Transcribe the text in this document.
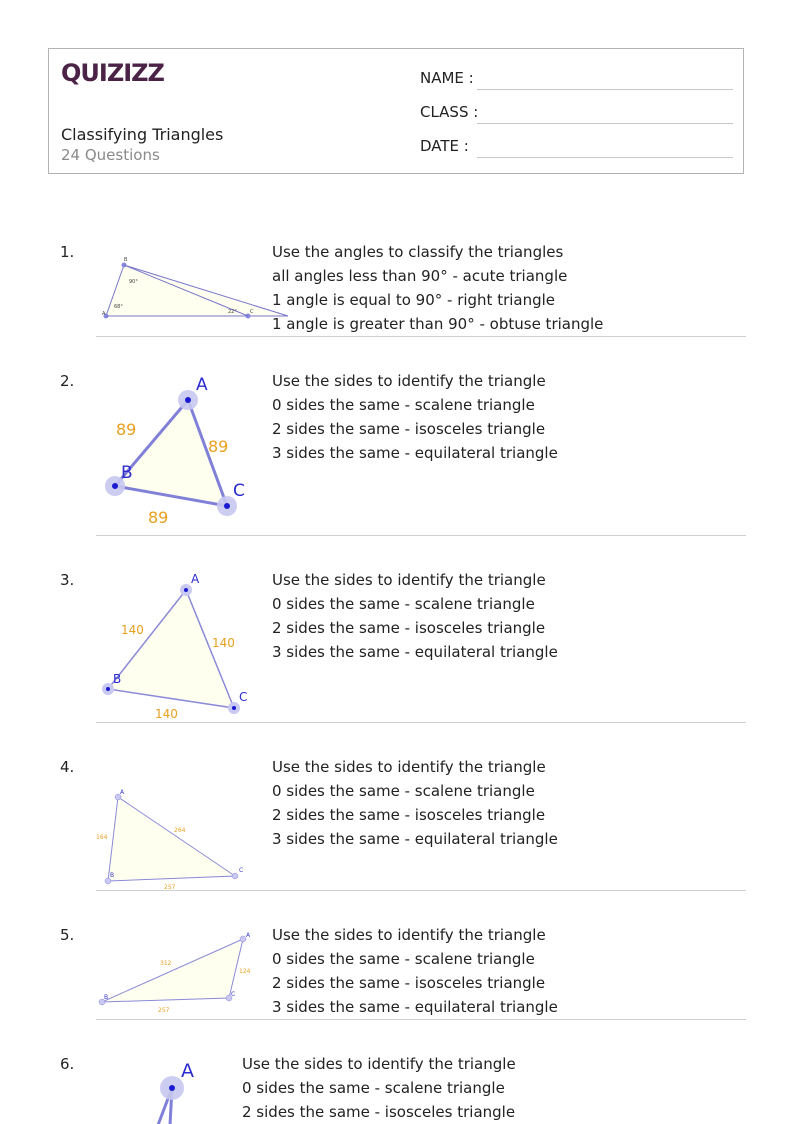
QUIZIZZ
Classifying Triangles
24 Questions
NAME :
CLASS :
DATE :
1.	B
90°
68°
22°	C
A
Use the angles to classify the triangles
all angles less than 90° - acute triangle
1 angle is equal to 90° - right triangle
1 angle is greater than 90° - obtuse triangle
2.	A
B
C
89
89
89
Use the sides to identify the triangle
0 sides the same - scalene triangle
2 sides the same - isosceles triangle
3 sides the same - equilateral triangle
3.	A
B
C
140
140
140
Use the sides to identify the triangle
0 sides the same - scalene triangle
2 sides the same - isosceles triangle
3 sides the same - equilateral triangle
4.
A
B
C
164
264
257
Use the sides to identify the triangle
0 sides the same - scalene triangle
2 sides the same - isosceles triangle
3 sides the same - equilateral triangle
5.	A
B	C
312
124
257
Use the sides to identify the triangle
0 sides the same - scalene triangle
2 sides the same - isosceles triangle
3 sides the same - equilateral triangle
6.	A	Use the sides to identify the triangle
0 sides the same - scalene triangle
2 sides the same - isosceles triangle
